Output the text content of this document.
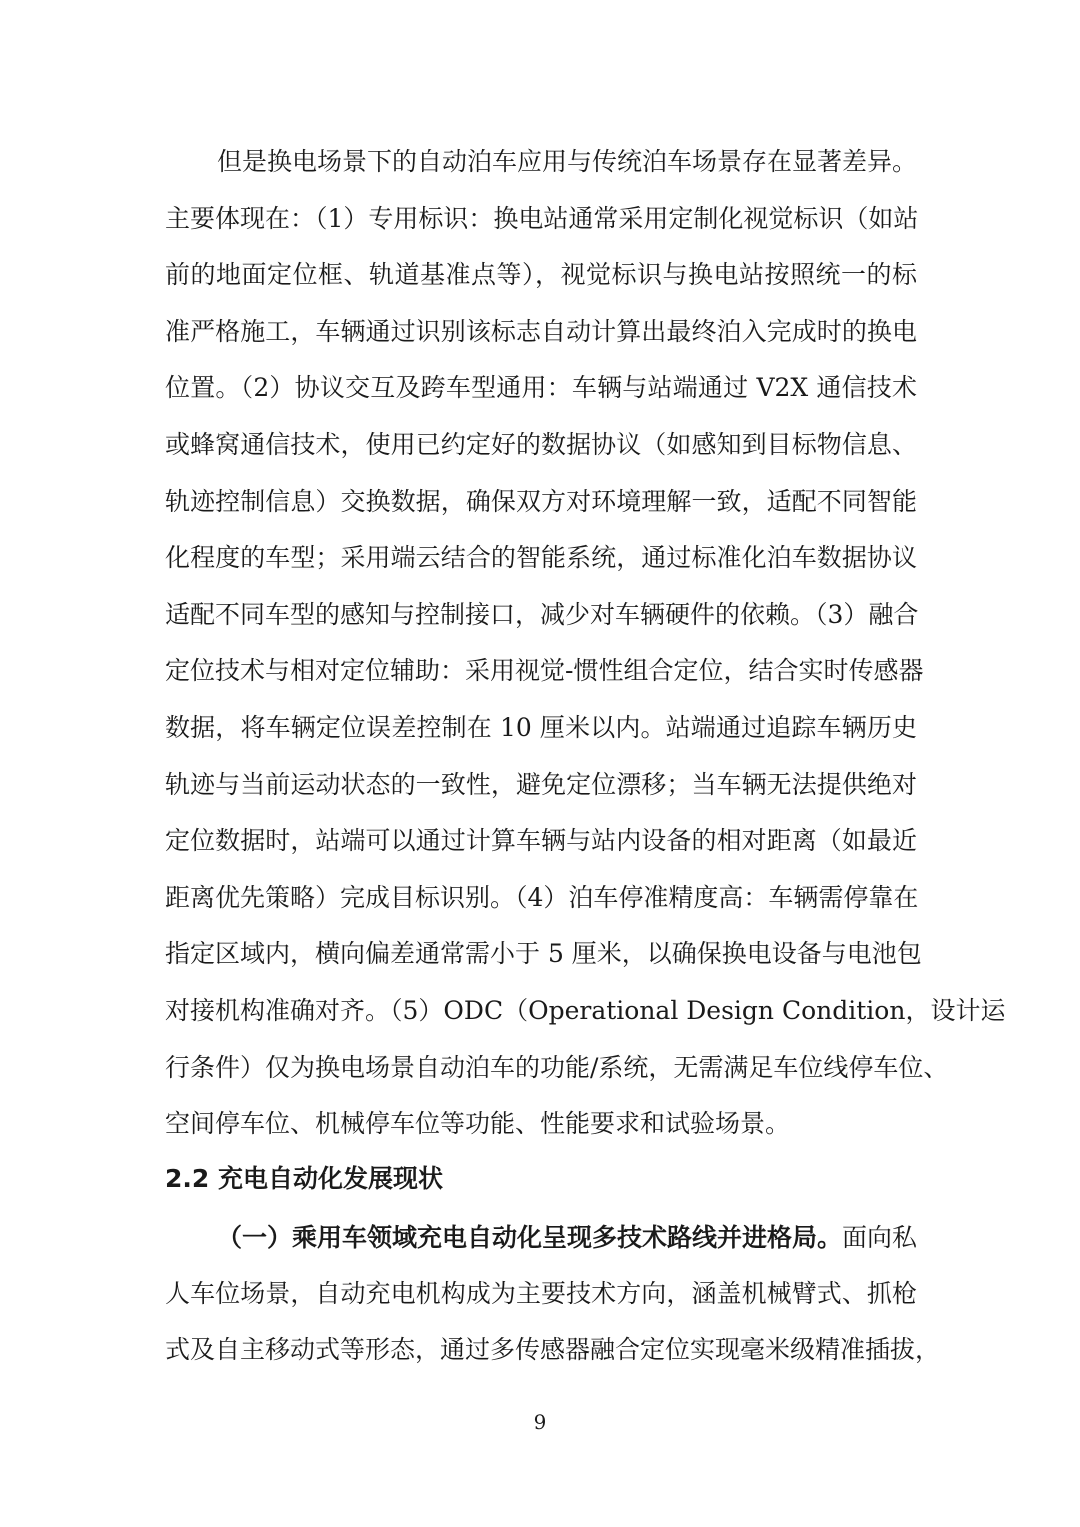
但是换电场景下的自动泊车应用与传统泊车场景存在显著差异。
主要体现在：（1）专用标识：换电站通常采用定制化视觉标识（如站
前的地面定位框、轨道基准点等），视觉标识与换电站按照统一的标
准严格施工，车辆通过识别该标志自动计算出最终泊入完成时的换电
位置。（2）协议交互及跨车型通用：车辆与站端通过 V2X 通信技术
或蜂窝通信技术，使用已约定好的数据协议（如感知到目标物信息、
轨迹控制信息）交换数据，确保双方对环境理解一致，适配不同智能
化程度的车型；采用端云结合的智能系统，通过标准化泊车数据协议
适配不同车型的感知与控制接口，减少对车辆硬件的依赖。（3）融合
定位技术与相对定位辅助：采用视觉-惯性组合定位，结合实时传感器
数据，将车辆定位误差控制在 10 厘米以内。站端通过追踪车辆历史
轨迹与当前运动状态的一致性，避免定位漂移；当车辆无法提供绝对
定位数据时，站端可以通过计算车辆与站内设备的相对距离（如最近
距离优先策略）完成目标识别。（4）泊车停准精度高：车辆需停靠在
指定区域内，横向偏差通常需小于 5 厘米，以确保换电设备与电池包
对接机构准确对齐。（5）ODC（Operational Design Condition，设计运
行条件）仅为换电场景自动泊车的功能/系统，无需满足车位线停车位、
空间停车位、机械停车位等功能、性能要求和试验场景。
2.2 充电自动化发展现状
（一）乘用车领域充电自动化呈现多技术路线并进格局。面向私
人车位场景，自动充电机构成为主要技术方向，涵盖机械臂式、抓枪
式及自主移动式等形态，通过多传感器融合定位实现毫米级精准插拔，
9
